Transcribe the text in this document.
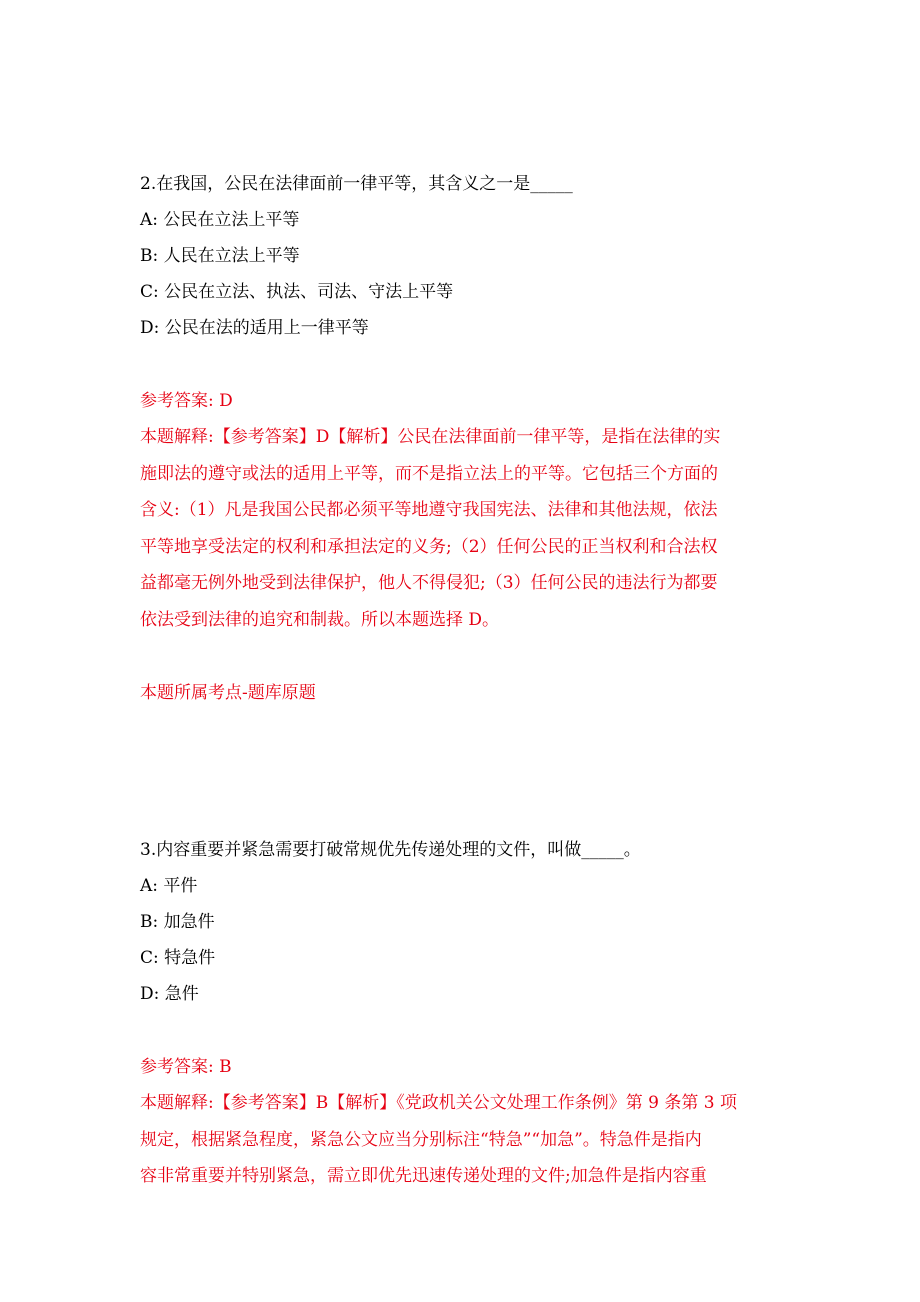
2.在我国，公民在法律面前一律平等，其含义之一是_____
A: 公民在立法上平等
B: 人民在立法上平等
C: 公民在立法、执法、司法、守法上平等
D: 公民在法的适用上一律平等
参考答案: D
本题解释:【参考答案】D【解析】公民在法律面前一律平等，是指在法律的实
施即法的遵守或法的适用上平等，而不是指立法上的平等。它包括三个方面的
含义:（1）凡是我国公民都必须平等地遵守我国宪法、法律和其他法规，依法
平等地享受法定的权利和承担法定的义务;（2）任何公民的正当权利和合法权
益都毫无例外地受到法律保护，他人不得侵犯;（3）任何公民的违法行为都要
依法受到法律的追究和制裁。所以本题选择 D。
本题所属考点-题库原题
3.内容重要并紧急需要打破常规优先传递处理的文件，叫做_____。
A: 平件
B: 加急件
C: 特急件
D: 急件
参考答案: B
本题解释:【参考答案】B【解析】《党政机关公文处理工作条例》第 9 条第 3 项
规定，根据紧急程度，紧急公文应当分别标注“特急”“加急”。特急件是指内
容非常重要并特别紧急，需立即优先迅速传递处理的文件;加急件是指内容重
